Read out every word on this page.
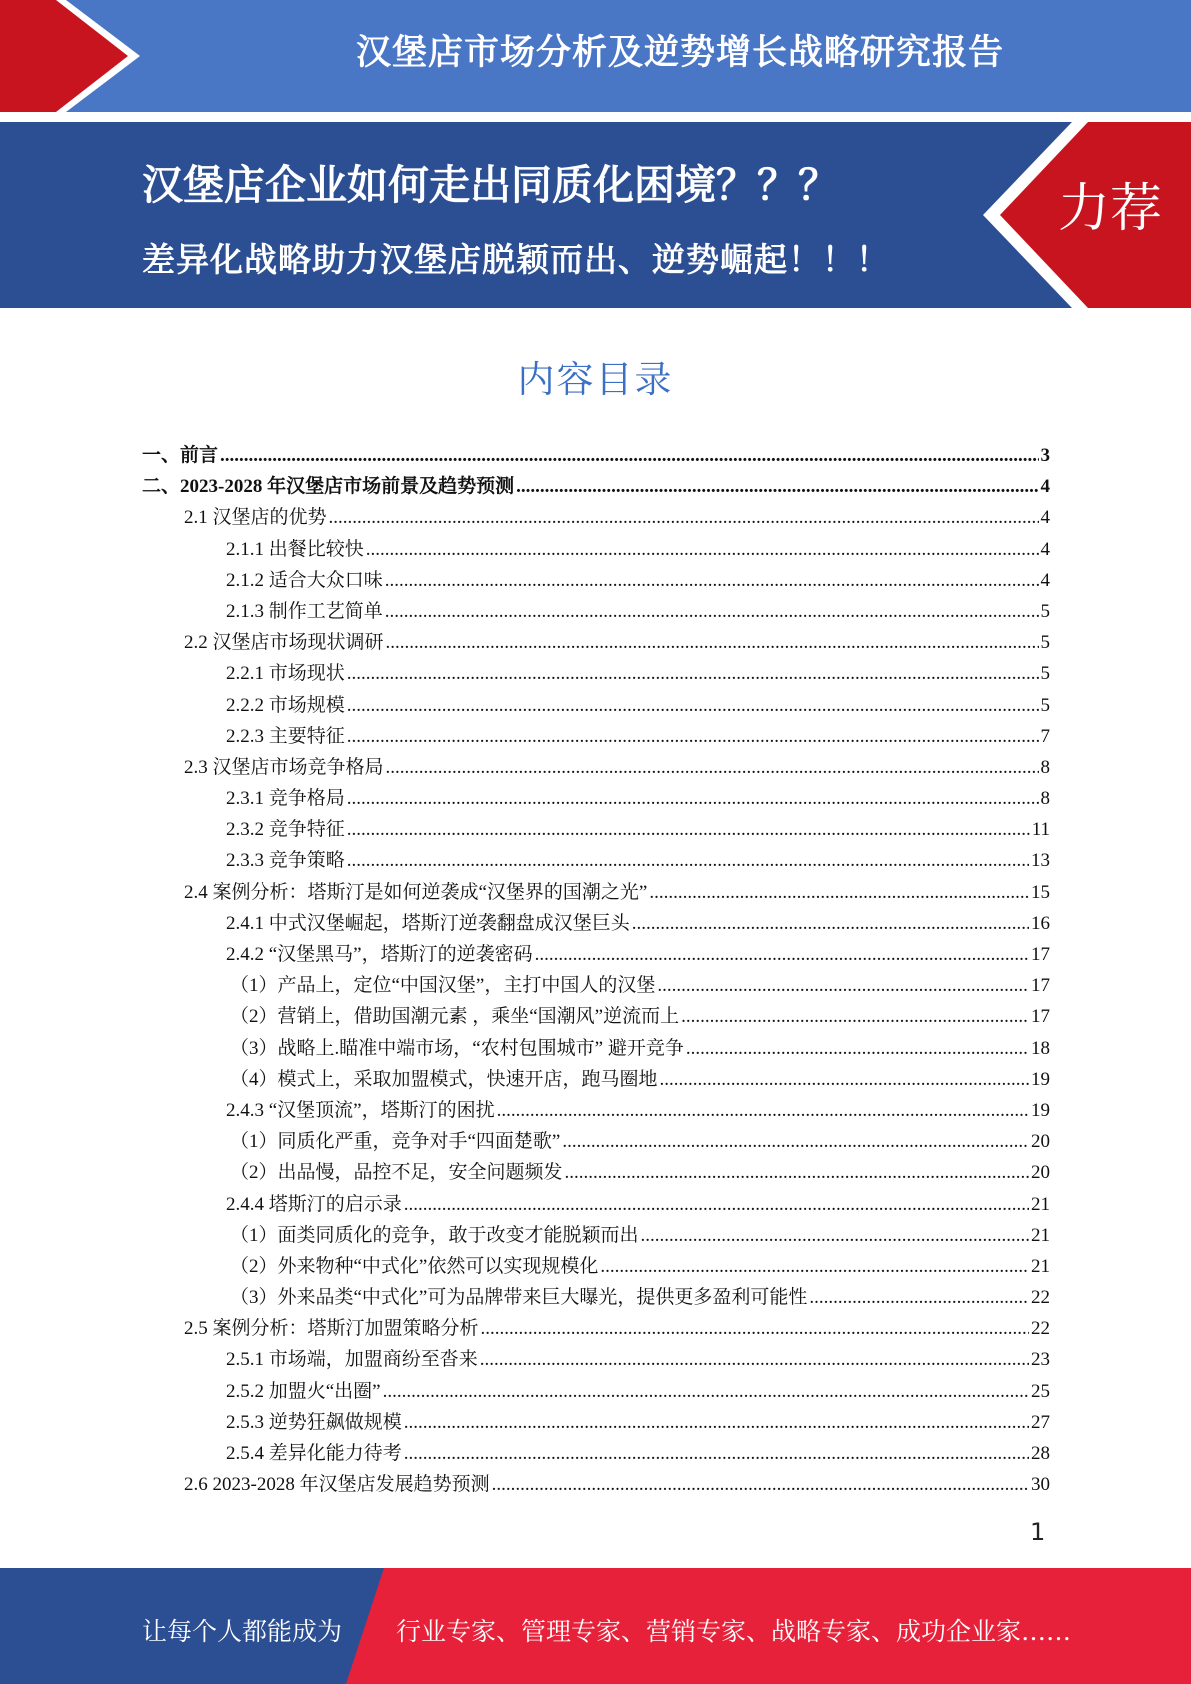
汉堡店市场分析及逆势增长战略研究报告
汉堡店企业如何走出同质化困境？？？
差异化战略助力汉堡店脱颖而出、逆势崛起！！！
力荐
内容目录
一、前言 .....	3
二、2023-2028 年汉堡店市场前景及趋势预测 .....	4
2.1 汉堡店的优势 .....	4
2.1.1 出餐比较快 .....	4
2.1.2 适合大众口味 .....	4
2.1.3 制作工艺简单 .....	5
2.2 汉堡店市场现状调研 .....	5
2.2.1 市场现状 .....	5
2.2.2 市场规模 .....	5
2.2.3 主要特征 .....	7
2.3 汉堡店市场竞争格局 .....	8
2.3.1 竞争格局 .....	8
2.3.2 竞争特征 .....	11
2.3.3 竞争策略 .....	13
2.4 案例分析：塔斯汀是如何逆袭成“汉堡界的国潮之光” .....	15
2.4.1 中式汉堡崛起，塔斯汀逆袭翻盘成汉堡巨头 .....	16
2.4.2 “汉堡黑马”，塔斯汀的逆袭密码 .....	17
（1）产品上，定位“中国汉堡”，主打中国人的汉堡 .....	17
（2）营销上，借助国潮元素 ，乘坐“国潮风”逆流而上 .....	17
（3）战略上.瞄准中端市场，“农村包围城市” 避开竞争 .....	18
（4）模式上，采取加盟模式，快速开店，跑马圈地 .....	19
2.4.3 “汉堡顶流”，塔斯汀的困扰 .....	19
（1）同质化严重，竞争对手“四面楚歌” .....	20
（2）出品慢，品控不足，安全问题频发 .....	20
2.4.4 塔斯汀的启示录 .....	21
（1）面类同质化的竞争，敢于改变才能脱颖而出 .....	21
（2）外来物种“中式化”依然可以实现规模化 .....	21
（3）外来品类“中式化”可为品牌带来巨大曝光，提供更多盈利可能性 .....	22
2.5 案例分析：塔斯汀加盟策略分析 .....	22
2.5.1 市场端，加盟商纷至沓来 .....	23
2.5.2 加盟火“出圈” .....	25
2.5.3 逆势狂飙做规模 .....	27
2.5.4 差异化能力待考 .....	28
2.6 2023-2028 年汉堡店发展趋势预测 .....	30
1
让每个人都能成为 行业专家、管理专家、营销专家、战略专家、成功企业家……
